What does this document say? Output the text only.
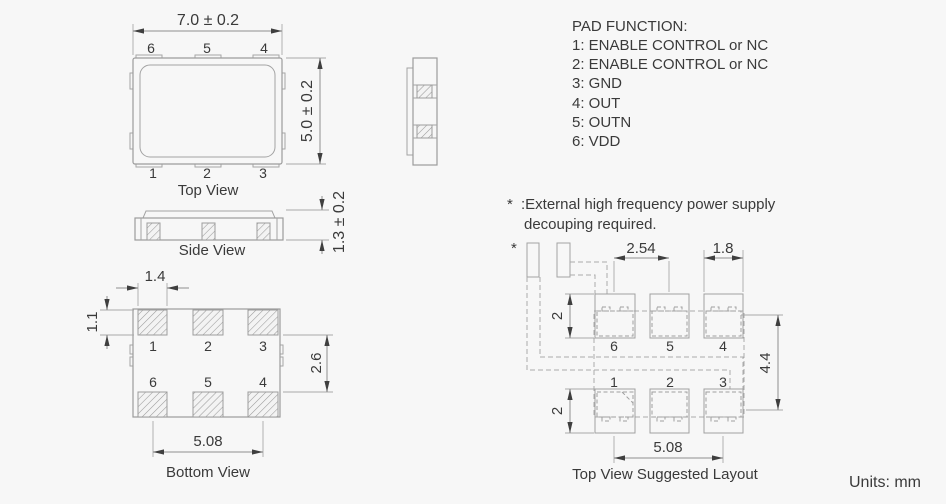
7.0 ± 0.2
6	5	4
1	2	3
Top View
5.0 ± 0.2
Side View	1.3 ± 0.2
1	2	3
6	5	4
1.4
1.1
2.6
5.08
Bottom View
PAD FUNCTION:
1: ENABLE CONTROL or NC
2: ENABLE CONTROL or NC
3: GND
4: OUT
5: OUTN
6: VDD
* :External high frequency power supply
decouping required.
*
6	5	4
1	2	3
2.54	1.8
2
2
4.4
5.08
Top View Suggested Layout	Units: mm
